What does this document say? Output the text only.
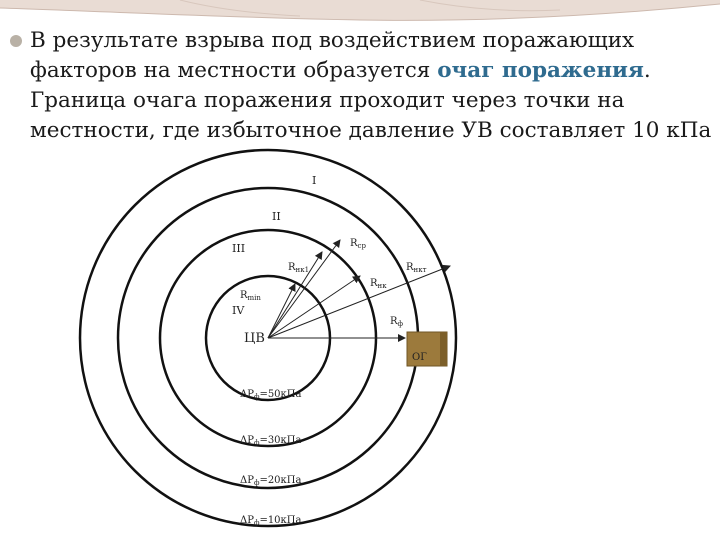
В результате взрыва под воздействием поражающих
факторов на местности образуется очаг поражения.
Граница очага поражения проходит через точки на
местности, где избыточное давление УВ составляет 10 кПа
I
II
III
IV
ЦВ
ОГ
$R_{min}$
$R_{нк1}$
$R_{ср}$
$R_{нк}$
$R_{нкт}$
$R_ф$
$\Delta P_ф=50кПа$
$\Delta P_ф=30кПа$
$\Delta P_ф=20кПа$
$\Delta P_ф=10кПа$
